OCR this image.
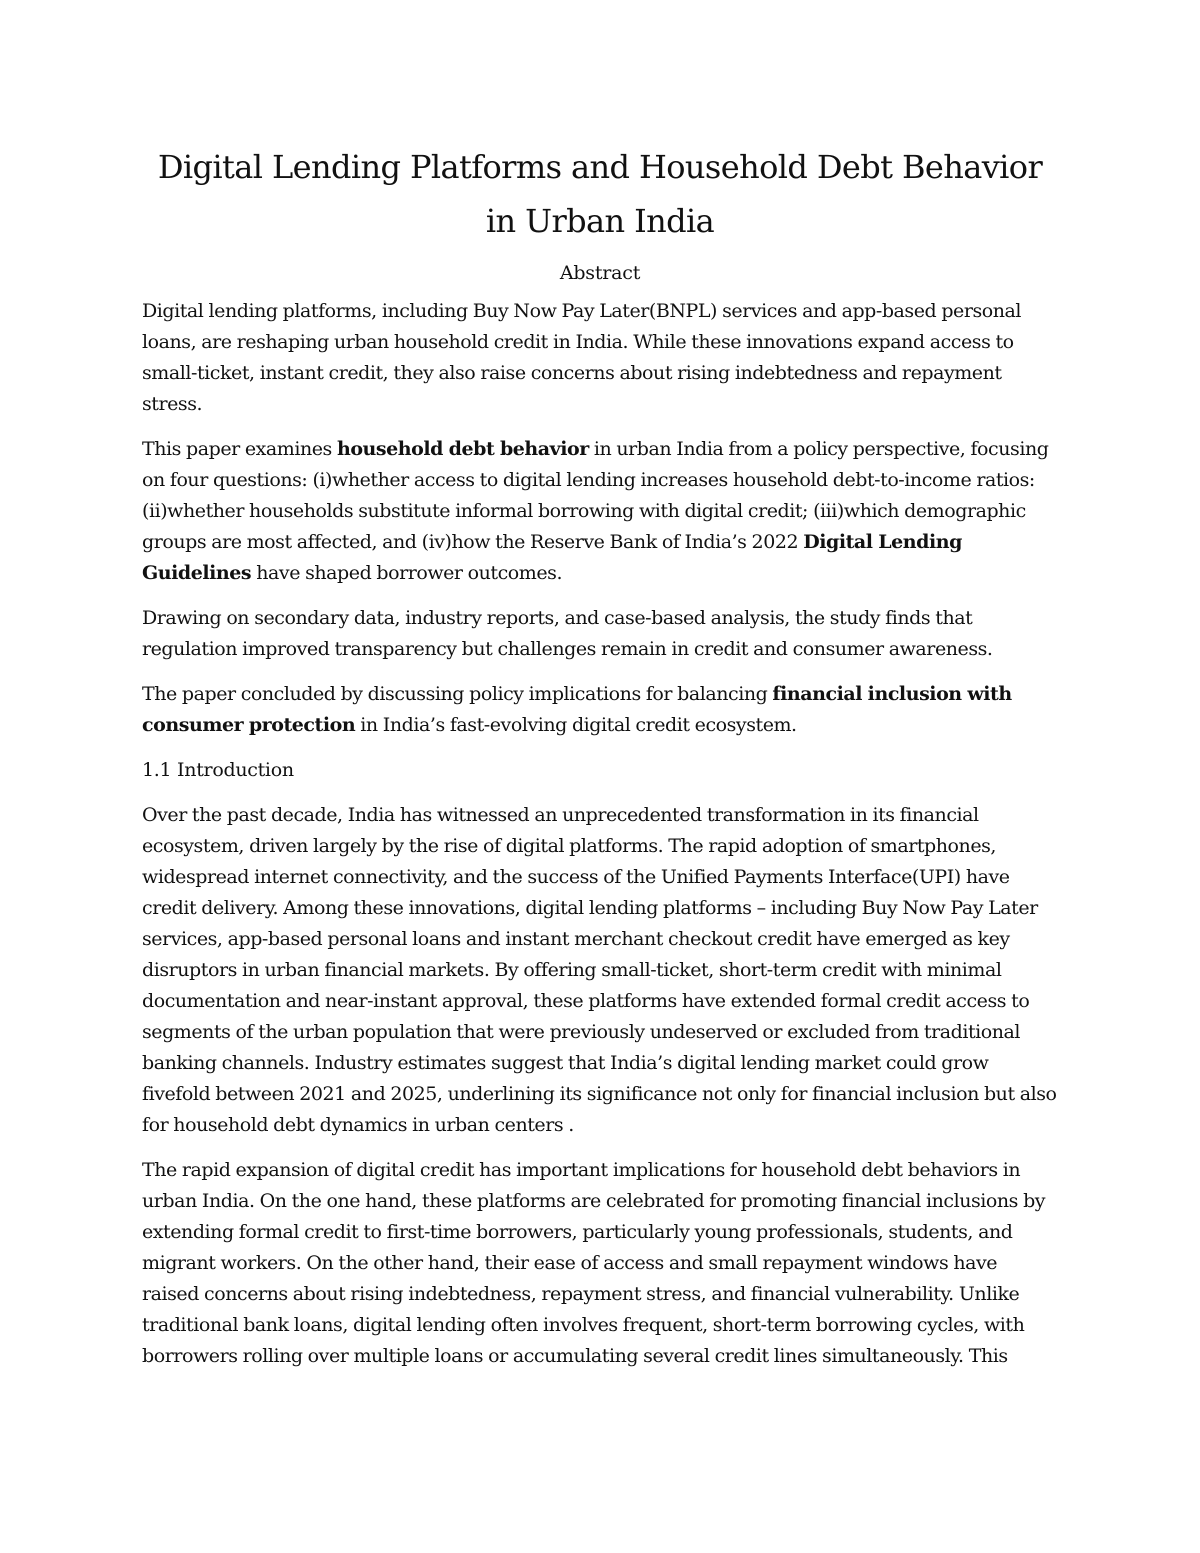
Digital Lending Platforms and Household Debt Behavior in Urban India
Abstract

Digital lending platforms, including Buy Now Pay Later(BNPL) services and app-based personal loans, are reshaping urban household credit in India. While these innovations expand access to small-ticket, instant credit, they also raise concerns about rising indebtedness and repayment stress.

This paper examines household debt behavior in urban India from a policy perspective, focusing on four questions: (i)whether access to digital lending increases household debt-to-income ratios: (ii)whether households substitute informal borrowing with digital credit; (iii)which demographic groups are most affected, and (iv)how the Reserve Bank of India’s 2022 Digital Lending Guidelines have shaped borrower outcomes.

Drawing on secondary data, industry reports, and case-based analysis, the study finds that regulation improved transparency but challenges remain in credit and consumer awareness.

The paper concluded by discussing policy implications for balancing financial inclusion with consumer protection in India’s fast-evolving digital credit ecosystem.

1.1 Introduction

Over the past decade, India has witnessed an unprecedented transformation in its financial ecosystem, driven largely by the rise of digital platforms. The rapid adoption of smartphones, widespread internet connectivity, and the success of the Unified Payments Interface(UPI) have credit delivery. Among these innovations, digital lending platforms – including Buy Now Pay Later services, app-based personal loans and instant merchant checkout credit have emerged as key disruptors in urban financial markets. By offering small-ticket, short-term credit with minimal documentation and near-instant approval, these platforms have extended formal credit access to segments of the urban population that were previously undeserved or excluded from traditional banking channels. Industry estimates suggest that India’s digital lending market could grow fivefold between 2021 and 2025, underlining its significance not only for financial inclusion but also for household debt dynamics in urban centers .

The rapid expansion of digital credit has important implications for household debt behaviors in urban India. On the one hand, these platforms are celebrated for promoting financial inclusions by extending formal credit to first-time borrowers, particularly young professionals, students, and migrant workers. On the other hand, their ease of access and small repayment windows have raised concerns about rising indebtedness, repayment stress, and financial vulnerability. Unlike traditional bank loans, digital lending often involves frequent, short-term borrowing cycles, with borrowers rolling over multiple loans or accumulating several credit lines simultaneously. This
